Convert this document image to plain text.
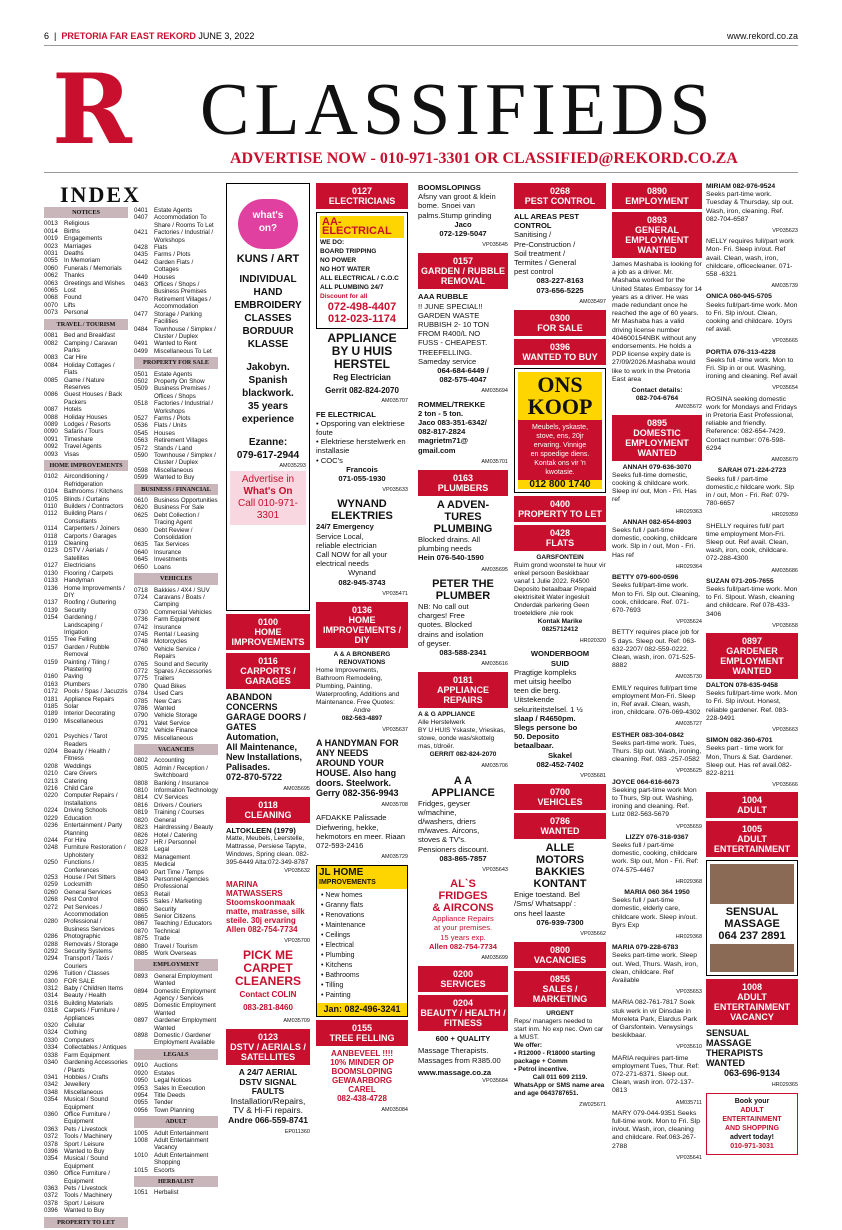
6  |  PRETORIA FAR EAST REKORD JUNE 3, 2022	www.rekord.co.za
R CLASSIFIEDS
ADVERTISE NOW - 010-971-3301 OR CLASSIFIED@REKORD.CO.ZA
INDEX
NOTICES
0013	Religious
0014	Births
0019	Engagements
0023	Marriages
0031	Deaths
0055	In Memoriam
0060	Funerals / Memorials
0062	Thanks
0063	Greetings and Wishes
0065	Lost
0068	Found
0070	Lifts
0073	Personal
TRAVEL / TOURISM
0081	Bed and Breakfast
0082	Camping / Caravan Parks
0083	Car Hire
0084	Holiday Cottages / Flats
0085	Game / Nature Reserves
0086	Guest Houses / Back Packers
0087	Hotels
0088	Holiday Houses
0089	Lodges / Resorts
0090	Safaris / Tours
0091	Timeshare
0092	Travel Agents
0093	Visas
HOME IMPROVEMENTS
0102	Airconditioning / Refridgeration
0104	Bathrooms / Kitchens
0105	Blinds / Curtains
0110	Builders / Contractors
0112	Building Plans / Consultants
0114	Carpenters / Joiners
0118	Carports / Garages
0119	Cleaning
0123	DSTV / Aerials / Satellites
0127	Electricians
0130	Flooring / Carpets
0133	Handyman
0136	Home Improvements / DIY
0137	Roofing / Guttering
0139	Security
0154	Gardening / Landscaping / Irrigation
0155	Tree Felling
0157	Garden / Rubble Removal
0159	Painting / Tiling / Plastering
0160	Paving
0163	Plumbers
0172	Pools / Spas / Jacuzzis
0181	Appliance Repairs
0185	Solar
0189	Interior Decorating
0190	Miscellaneous
0201	Psychics / Tarot Readers
0204	Beauty / Health / Fitness
0208	Weddings
0210	Care Givers
0213	Catering
0216	Child Care
0220	Computer Repairs / Installations
0224	Driving Schools
0229	Education
0236	Entertainment / Party Planning
0244	For Hire
0248	Furniture Restoration / Upholstery
0250	Functions / Conferences
0253	House / Pet Sitters
0259	Locksmith
0260	General Services
0268	Pest Control
0272	Pet Services / Accommodation
0280	Professional / Business Services
0286	Photographic
0288	Removals / Storage
0292	Security Systems
0294	Transport / Taxis / Couriers
0296	Tuition / Classes
0300	FOR SALE
0312	Baby / Children Items
0314	Beauty / Health
0316	Building Materials
0318	Carpets / Furniture / Appliances
0320	Cellular
0324	Clothing
0330	Computers
0334	Collectables / Antiques
0338	Farm Equipment
0340	Gardening Accessories / Plants
0341	Hobbies / Crafts
0342	Jewellery
0348	Miscellaneous
0354	Musical / Sound Equipment
0360	Office Furniture / Equipment
0363	Pets / Livestock
0372	Tools / Machinery
0378	Sport / Leisure
0396	Wanted to Buy
0354	Musical / Sound Equipment
0360	Office Furniture / Equipment
0363	Pets / Livestock
0372	Tools / Machinery
0378	Sport / Leisure
0396	Wanted to Buy
PROPERTY TO LET
0401	Estate Agents
0407	Accommodation To Share / Rooms To Let
0421	Factories / Industrial / Workshops
0428	Flats
0435	Farms / Plots
0442	Garden Flats / Cottages
0449	Houses
0463	Offices / Shops / Business Premises
0470	Retirement Villages / Accommodation
0477	Storage / Parking Facilities
0484	Townhouse / Simplex / Cluster / Duplex
0491	Wanted to Rent
0499	Miscellaneous To Let
PROPERTY FOR SALE
0501	Estate Agents
0502	Property On Show
0509	Business Premises / Offices / Shops
0518	Factories / Industrial / Workshops
0527	Farms / Plots
0536	Flats / Units
0545	Houses
0563	Retirement Villages
0572	Stands / Land
0590	Townhouse / Simplex / Cluster / Duplex
0598	Miscellaneous
0599	Wanted to Buy
BUSINESS / FINANCIAL
0610	Business Opportunities
0620	Business For Sale
0625	Debt Collection / Tracing Agent
0630	Debt Review / Consolidation
0635	Tax Services
0640	Insurance
0645	Investments
0650	Loans
VEHICLES
0718	Bakkies / 4X4 / SUV
0724	Caravans / Boats / Camping
0730	Commercial Vehicles
0736	Farm Equipment
0742	Insurance
0745	Rental / Leasing
0748	Motorcycles
0760	Vehicle Service / Repairs
0765	Sound and Security
0772	Spares / Accessories
0775	Trailers
0780	Quad Bikes
0784	Used Cars
0785	New Cars
0786	Wanted
0790	Vehicle Storage
0791	Valet Service
0792	Vehicle Finance
0795	Miscellaneous
VACANCIES
0802	Accounting
0805	Admin / Reception / Switchboard
0808	Banking / Insurance
0810	Information Technology
0814	CV Services
0816	Drivers / Couriers
0819	Training / Courses
0820	General
0823	Hairdressing / Beauty
0826	Hotel / Catering
0827	HR / Personnel
0828	Legal
0832	Management
0835	Medical
0840	Part Time / Temps
0843	Personnel Agencies
0850	Professional
0853	Retail
0855	Sales / Marketing
0860	Security
0865	Senior Citizens
0867	Teaching / Educators
0870	Technical
0875	Trade
0880	Travel / Tourism
0885	Work Overseas
EMPLOYMENT
0893	General Employment Wanted
0894	Domestic Employment Agency / Services
0895	Domestic Employment Wanted
0897	Gardener Employment Wanted
0898	Domestic / Gardener Employment Available
LEGALS
0910	Auctions
0920	Estates
0950	Legal Notices
0953	Sales In Execution
0954	Title Deeds
0955	Tender
0956	Town Planning
ADULT
1005	Adult Entertainment
1008	Adult Entertainment Vacancy
1010	Adult Entertainment Shopping
1015	Escorts
HERBALIST
1051	Herbalist
what's
on?
KUNS / ART
INDIVIDUAL
HAND
EMBROIDERY
CLASSES
BORDUUR
KLASSE
Jakobyn.
Spanish
blackwork.
35 years
experience
Ezanne:
079-617-2944
AM035293
Advertise in
What's On
Call 010-971-3301
0100
HOME
IMPROVEMENTS
0116
CARPORTS /
GARAGES
ABANDON
CONCERNS
GARAGE DOORS /
GATES
Automation,
All Maintenance,
New Installations,
Palisades.
072-870-5722
AM035695
0118
CLEANING
ALTOKLEEN (1979)
Matte, Meubels, Leerstelle, Mattrasse, Persiese Tapyte, Windows, Spring clean. 082-395-6449 Alta:072-349-8787
VP035632
MARINA
MATWASSERS
Stoomskoonmaak
matte, matrasse, silk
steile. 30j ervaring
Allen 082-754-7734
VP035700
PICK ME
CARPET
CLEANERS
Contact COLIN
083-281-8460
AM035709
0123
DSTV / AERIALS /
SATELLITES
A 24/7 AERIAL
DSTV SIGNAL
FAULTS
Installation/Repairs,
TV & Hi-Fi repairs.
Andre 066-559-8741
EP011360
0127
ELECTRICIANS
AA-ELECTRICAL
WE DO:
BOARD TRIPPING
NO POWER
NO HOT WATER
ALL ELECTRICAL / C.O.C
ALL PLUMBING 24/7
Discount for all
072-498-4407
012-023-1174
APPLIANCE
BY U HUIS
HERSTEL
Reg Electrician
Gerrit 082-824-2070
AM035707
FE ELECTRICAL
• Opsporing van elektriese foute
• Elektriese herstelwerk en installasie
• COC's
Francois
071-055-1930
VP035633
WYNAND
ELEKTRIES
24/7 Emergency
Service Local,
reliable electrician
Call NOW for all your
electrical needs
Wynand
082-945-3743
VP035471
0136
HOME
IMPROVEMENTS / DIY
A & A BRONBERG
RENOVATIONS
Home Improvements, Bathroom Remodeling, Plumbing, Painting, Waterproofing, Additions and Maintenance. Free Quotes:
Andre
082-563-4897
VP035637
A HANDYMAN FOR
ANY NEEDS
AROUND YOUR
HOUSE. Also hang
doors. Steelwork.
Gerry 082-356-9943
AM035708
AFDAKKE Palissade Diefwering, hekke, hekmotors en meer. Riaan 072-593-2416
AM035729
JL HOME
IMPROVEMENTS
• New homes
• Granny flats
• Renovations
• Maintenance
• Ceilings
• Electrical
• Plumbing
• Kitchens
• Bathrooms
• Tilling
• Painting
Jan: 082-496-3241
0155
TREE FELLING
AANBEVEEL !!!!
10% MINDER OP
BOOMSLOPING
GEWAARBORG
CAREL
082-438-4728
AM035084
BOOMSLOPINGS
Afsny van groot & klein
bome. Snoei van
palms.Stump grinding
Jaco
072-129-5047
VP035645
0157
GARDEN / RUBBLE
REMOVAL
AAA RUBBLE
!! JUNE SPECIAL!!
GARDEN WASTE
RUBBISH 2- 10 TON
FROM R400/L NO
FUSS - CHEAPEST.
TREEFELLING.
Sameday service
064-684-6449 /
082-575-4047
AM035694
ROMMEL/TREKKE
2 ton - 5 ton.
Jaco 083-351-6342/
082-817-2824
magrietm71@
gmail.com
AM035701
0163
PLUMBERS
A ADVEN-
TURES
PLUMBING
Blocked drains. All
plumbing needs
Hein 076-540-1590
AM035695
PETER THE
PLUMBER
NB: No call out
charges! Free
quotes. Blocked
drains and isolation
of geyser.
083-588-2341
AM035616
0181
APPLIANCE REPAIRS
A & G APPLIANCE
Alle Herstelwerk
BY U HUIS Yskaste, Vrieskas, stowe, oonde was/skottelg mas, t/droër.
GERRIT 082-824-2070
AM035706
A A
APPLIANCE
Fridges, geyser
w/machine,
d/washers, driers
m/waves. Aircons,
stoves & TV's.
Pensioners discount.
083-865-7857
VP035643
AL`S
FRIDGES
& AIRCONS
Appliance Repairs
at your premises.
15 years exp.
Allen 082-754-7734
AM035699
0200
SERVICES
0204
BEAUTY / HEALTH /
FITNESS
600 + QUALITY
Massage Therapists. Massages from R385.00
www.massage.co.za
VP035684
0268
PEST CONTROL
ALL AREAS PEST
CONTROL
Sanitising /
Pre-Construction /
Soil treatment /
Termites / General
pest control
083-227-8163
073-656-5225
AM035497
0300
FOR SALE
0396
WANTED TO BUY
ONS
KOOP
Meubels, yskaste,
stove, ens, 20jr
ervaring. Vinnige
en spoedige diens.
Kontak ons vir 'n
kwotasie.
012 800 1740
0400
PROPERTY TO LET
0428
FLATS
GARSFONTEIN
Ruim grond woonstel te huur vir enkel persoon Beskikbaar vanaf 1 Julie 2022. R4500 Deposito betaalbaar Prepaid elektrisiteit Water ingesluit Onderdak parkering Geen troeteldiere ,nie rook
Kontak Marike
0825712412
HR020320
WONDERBOOM
SUID
Pragtige kompleks
met uitsig heelbo
teen die berg.
Uitstekende
sekuriteitstelsel. 1 ½
slaap / R4650pm.
Slegs persone bo
50. Deposito
betaalbaar.
Skakel
082-452-7402
VP035681
0700
VEHICLES
0786
WANTED
ALLE
MOTORS
BAKKIES
KONTANT
Enige toestand. Bel
/Sms/ Whatsapp/ :
ons heel laaste
076-939-7300
VP035662
0800
VACANCIES
0855
SALES / MARKETING
URGENT
Reps/ managers needed to start inm. No exp nec. Own car a MUST.
We offer:
• R12000 - R18000 starting package + Comm
• Petrol incentive.
Call 011 609 2119.
WhatsApp or SMS name area and age 0643787651.
ZW025671
0890
EMPLOYMENT
0893
GENERAL
EMPLOYMENT
WANTED
James Mashaba is looking for a job as a driver. Mr. Mashaba worked for the United States Embassy for 14 years as a driver. He was made redundant once he reached the age of 60 years. Mr Mashaba has a valid driving license number 404600154NBK without any endorsements. He holds a PDP license expiry date is 27/09/2026.Mashaba would like to work in the Pretoria East area
Contact details:
082-704-6764
AM035672
0895
DOMESTIC
EMPLOYMENT
WANTED
ANNAH 079-636-3070
Seeks full-time domestic, cooking & childcare work. Sleep in/ out, Mon - Fri. Has ref
HR029363
ANNAH 082-654-8903
Seeks full / part-time domestic, cooking, childcare work. Slp in / out, Mon - Fri. Has ref
HR029364
BETTY 079-600-0596
Seeks full/part-time work. Mon to Fri. Slp out. Cleaning, cook, childcare. Ref. 071-670-7693
VP035624
BETTY requires place job for 5 days. Sleep out. Ref: 063-632-2207/ 082-559-0222. Clean, wash, iron. 071-525-8882
AM035730
EMILY requires full/part time employment Mon-Fri. Sleep in, Ref avail. Clean, wash, iron, childcare. 076-069-4302
AM035727
ESTHER 083-304-0842
Seeks part-time work. Tues, Thurs. Slp out. Wash, ironing, cleaning. Ref. 083 -257-0582
VP035625
JOYCE 064-616-6673
Seeking part-time work Mon to Thurs, Slp out. Washing, ironing and cleaning. Ref. Lutz 082-563-5679
VP035659
LIZZY 076-318-9367
Seeks full / part-time domestic, cooking, childcare work. Slp out, Mon - Fri. Ref: 074-575-4467
HR029368
MARIA 060 364 1950
Seeks full / part-time domestic, elderly care, childcare work. Sleep in/out. Byrs Exp
HR029368
MARIA 079-228-6783
Seeks part-time work. Sleep out. Wed, Thurs. Wash, iron, clean, childcare. Ref Available
VP035653
MARIA 082-761-7817 Soek stuk werk in vir Dinsdae in Moreleta Park, Elardus Park of Garsfontein. Verwysings beskikbaar.
VP035610
MARIA requires part-time employment Tues, Thur. Ref: 072-271-6371. Sleep out. Clean, wash iron. 072-137-0813
AM035711
MARY 079-044-9351 Seeks full-time work. Mon to Fri. Slp in/out. Wash, iron, cleaning and childcare. Ref.063-267-2788
VP035641
MIRIAM 082-976-9524
Seeks part-time work. Tuesday & Thursday, slp out. Wash, iron, cleaning. Ref. 082-704-6587
VP035623
NELLY requires full/part work Mon- Fri. Sleep in/out. Ref avail. Clean, wash, iron, childcare, officecleaner. 071-558 -6321
AM035739
ONICA 060-945-5705
Seeks full/part-time work. Mon to Fri. Slp in/out. Clean, cooking and childcare. 10yrs ref avail.
VP035665
PORTIA 076-313-4228
Seeks full -time work. Mon to Fri. Slp in or out. Washing, ironing and cleaning. Ref avail
VP035654
ROSINA seeking domestic work for Mondays and Fridays in Pretoria East Professional, reliable and friendly. Reference: 082-654-7429. Contact number: 076-598-6294
AM035679
SARAH 071-224-2723
Seeks full / part-time domestic,c hildcare work. Slp in / out, Mon - Fri. Ref: 079-780-6657
HR029359
SHELLY requires full/ part time employment Mon-Fri. Sleep out. Ref avail. Clean, wash, iron, cook, childcare. 072-288-4300
AM035686
SUZAN 071-205-7655
Seeks full/part-time work. Mon to Fri. Slpout. Wash, cleaning and childcare. Ref 078-433-3406
VP035658
0897
GARDENER
EMPLOYMENT
WANTED
DALTON 078-635-9458
Seeks full/part-time work. Mon to Fri. Slp in/out. Honest, reliable gardener. Ref. 083-228-9491
VP035663
SIMON 082-360-6701
Seeks part - time work for Mon, Thurs & Sat. Gardener. Sleep out. Has ref avail.082-822-8211
VP035666
1004
ADULT
1005
ADULT
ENTERTAINMENT
SENSUAL
MASSAGE
064 237 2891
1008
ADULT
ENTERTAINMENT
VACANCY
SENSUAL
MASSAGE
THERAPISTS
WANTED
063-696-9134
HR029365
Book your
ADULT ENTERTAINMENT
AND SHOPPING
advert today!
010-971-3031
